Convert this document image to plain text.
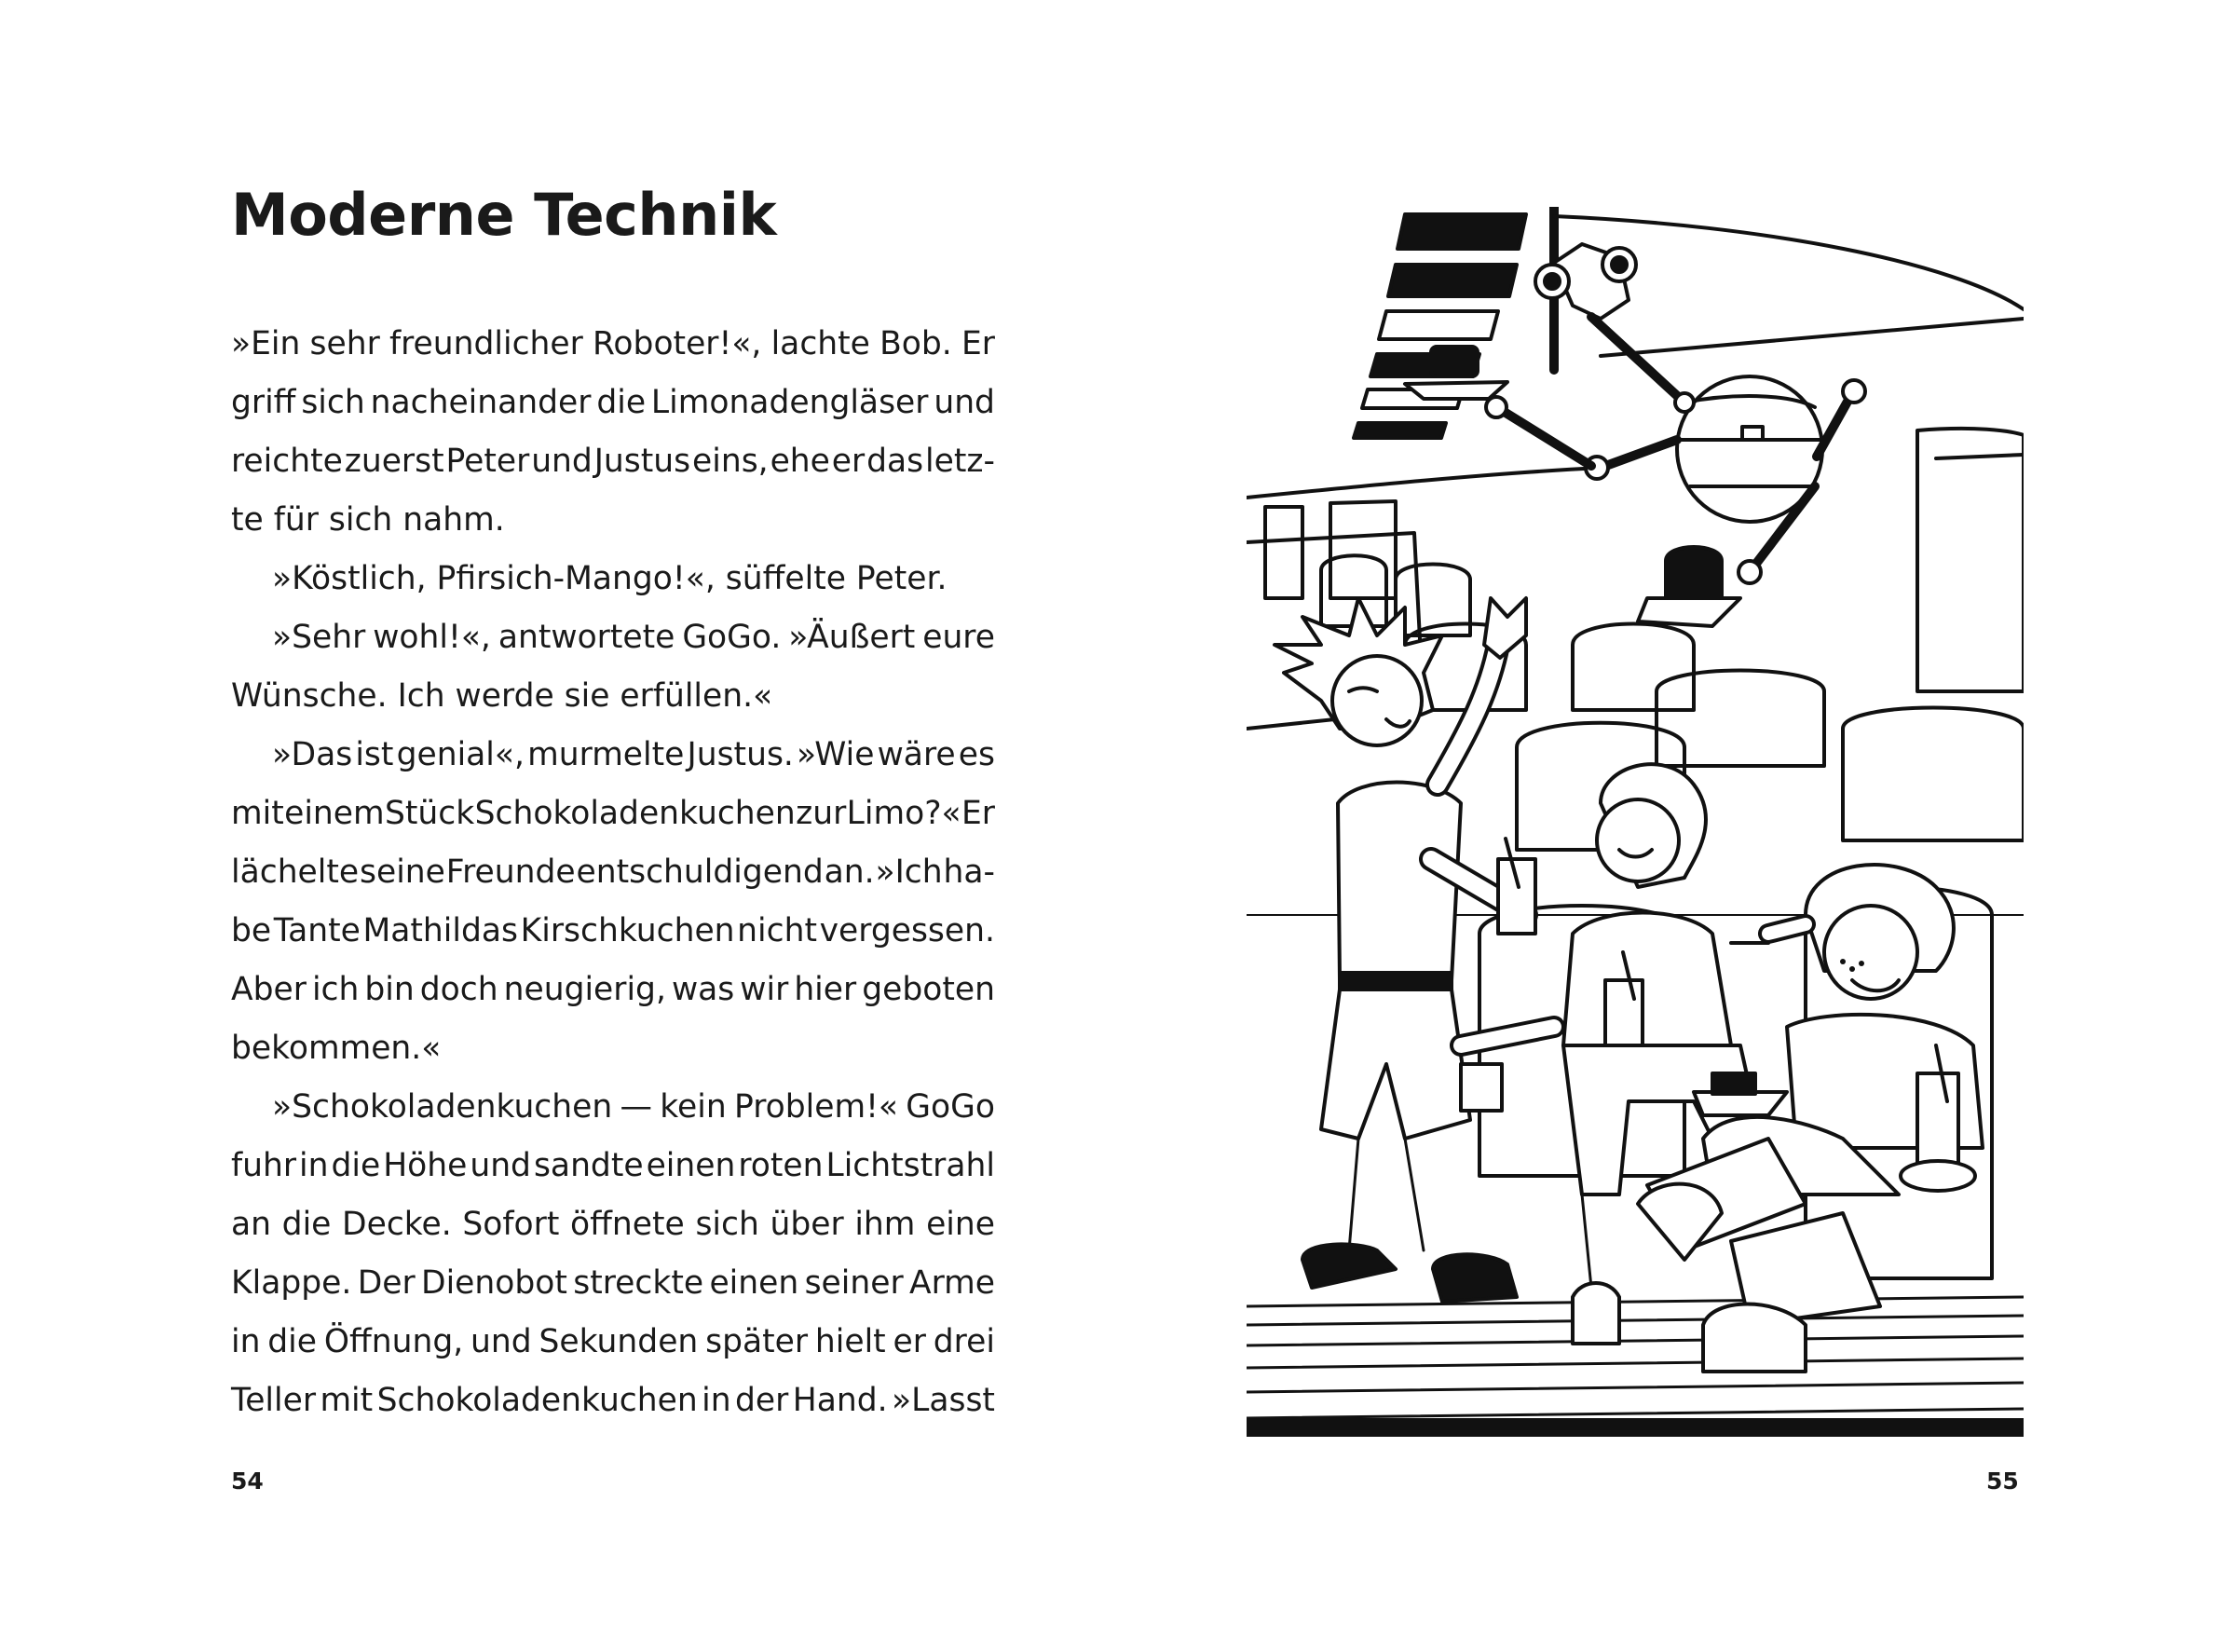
Moderne Technik
»Ein sehr freundlicher Roboter!«, lachte Bob. Er
griff sich nacheinander die Limonadengläser und
reichte zuerst Peter und Justus eins, ehe er das letz-
te für sich nahm.
»Köstlich, Pfirsich-Mango!«, süffelte Peter.
»Sehr wohl!«, antwortete GoGo. »Äußert eure
Wünsche. Ich werde sie erfüllen.«
»Das ist genial«, murmelte Justus. »Wie wäre es
mit einem Stück Schokoladenkuchen zur Limo?« Er
lächelte seine Freunde entschuldigend an. »Ich ha-
be Tante Mathildas Kirschkuchen nicht vergessen.
Aber ich bin doch neugierig, was wir hier geboten
bekommen.«
»Schokoladenkuchen — kein Problem!« GoGo
fuhr in die Höhe und sandte einen roten Lichtstrahl
an die Decke. Sofort öffnete sich über ihm eine
Klappe. Der Dienobot streckte einen seiner Arme
in die Öffnung, und Sekunden später hielt er drei
Teller mit Schokoladenkuchen in der Hand. »Lasst
54	55
